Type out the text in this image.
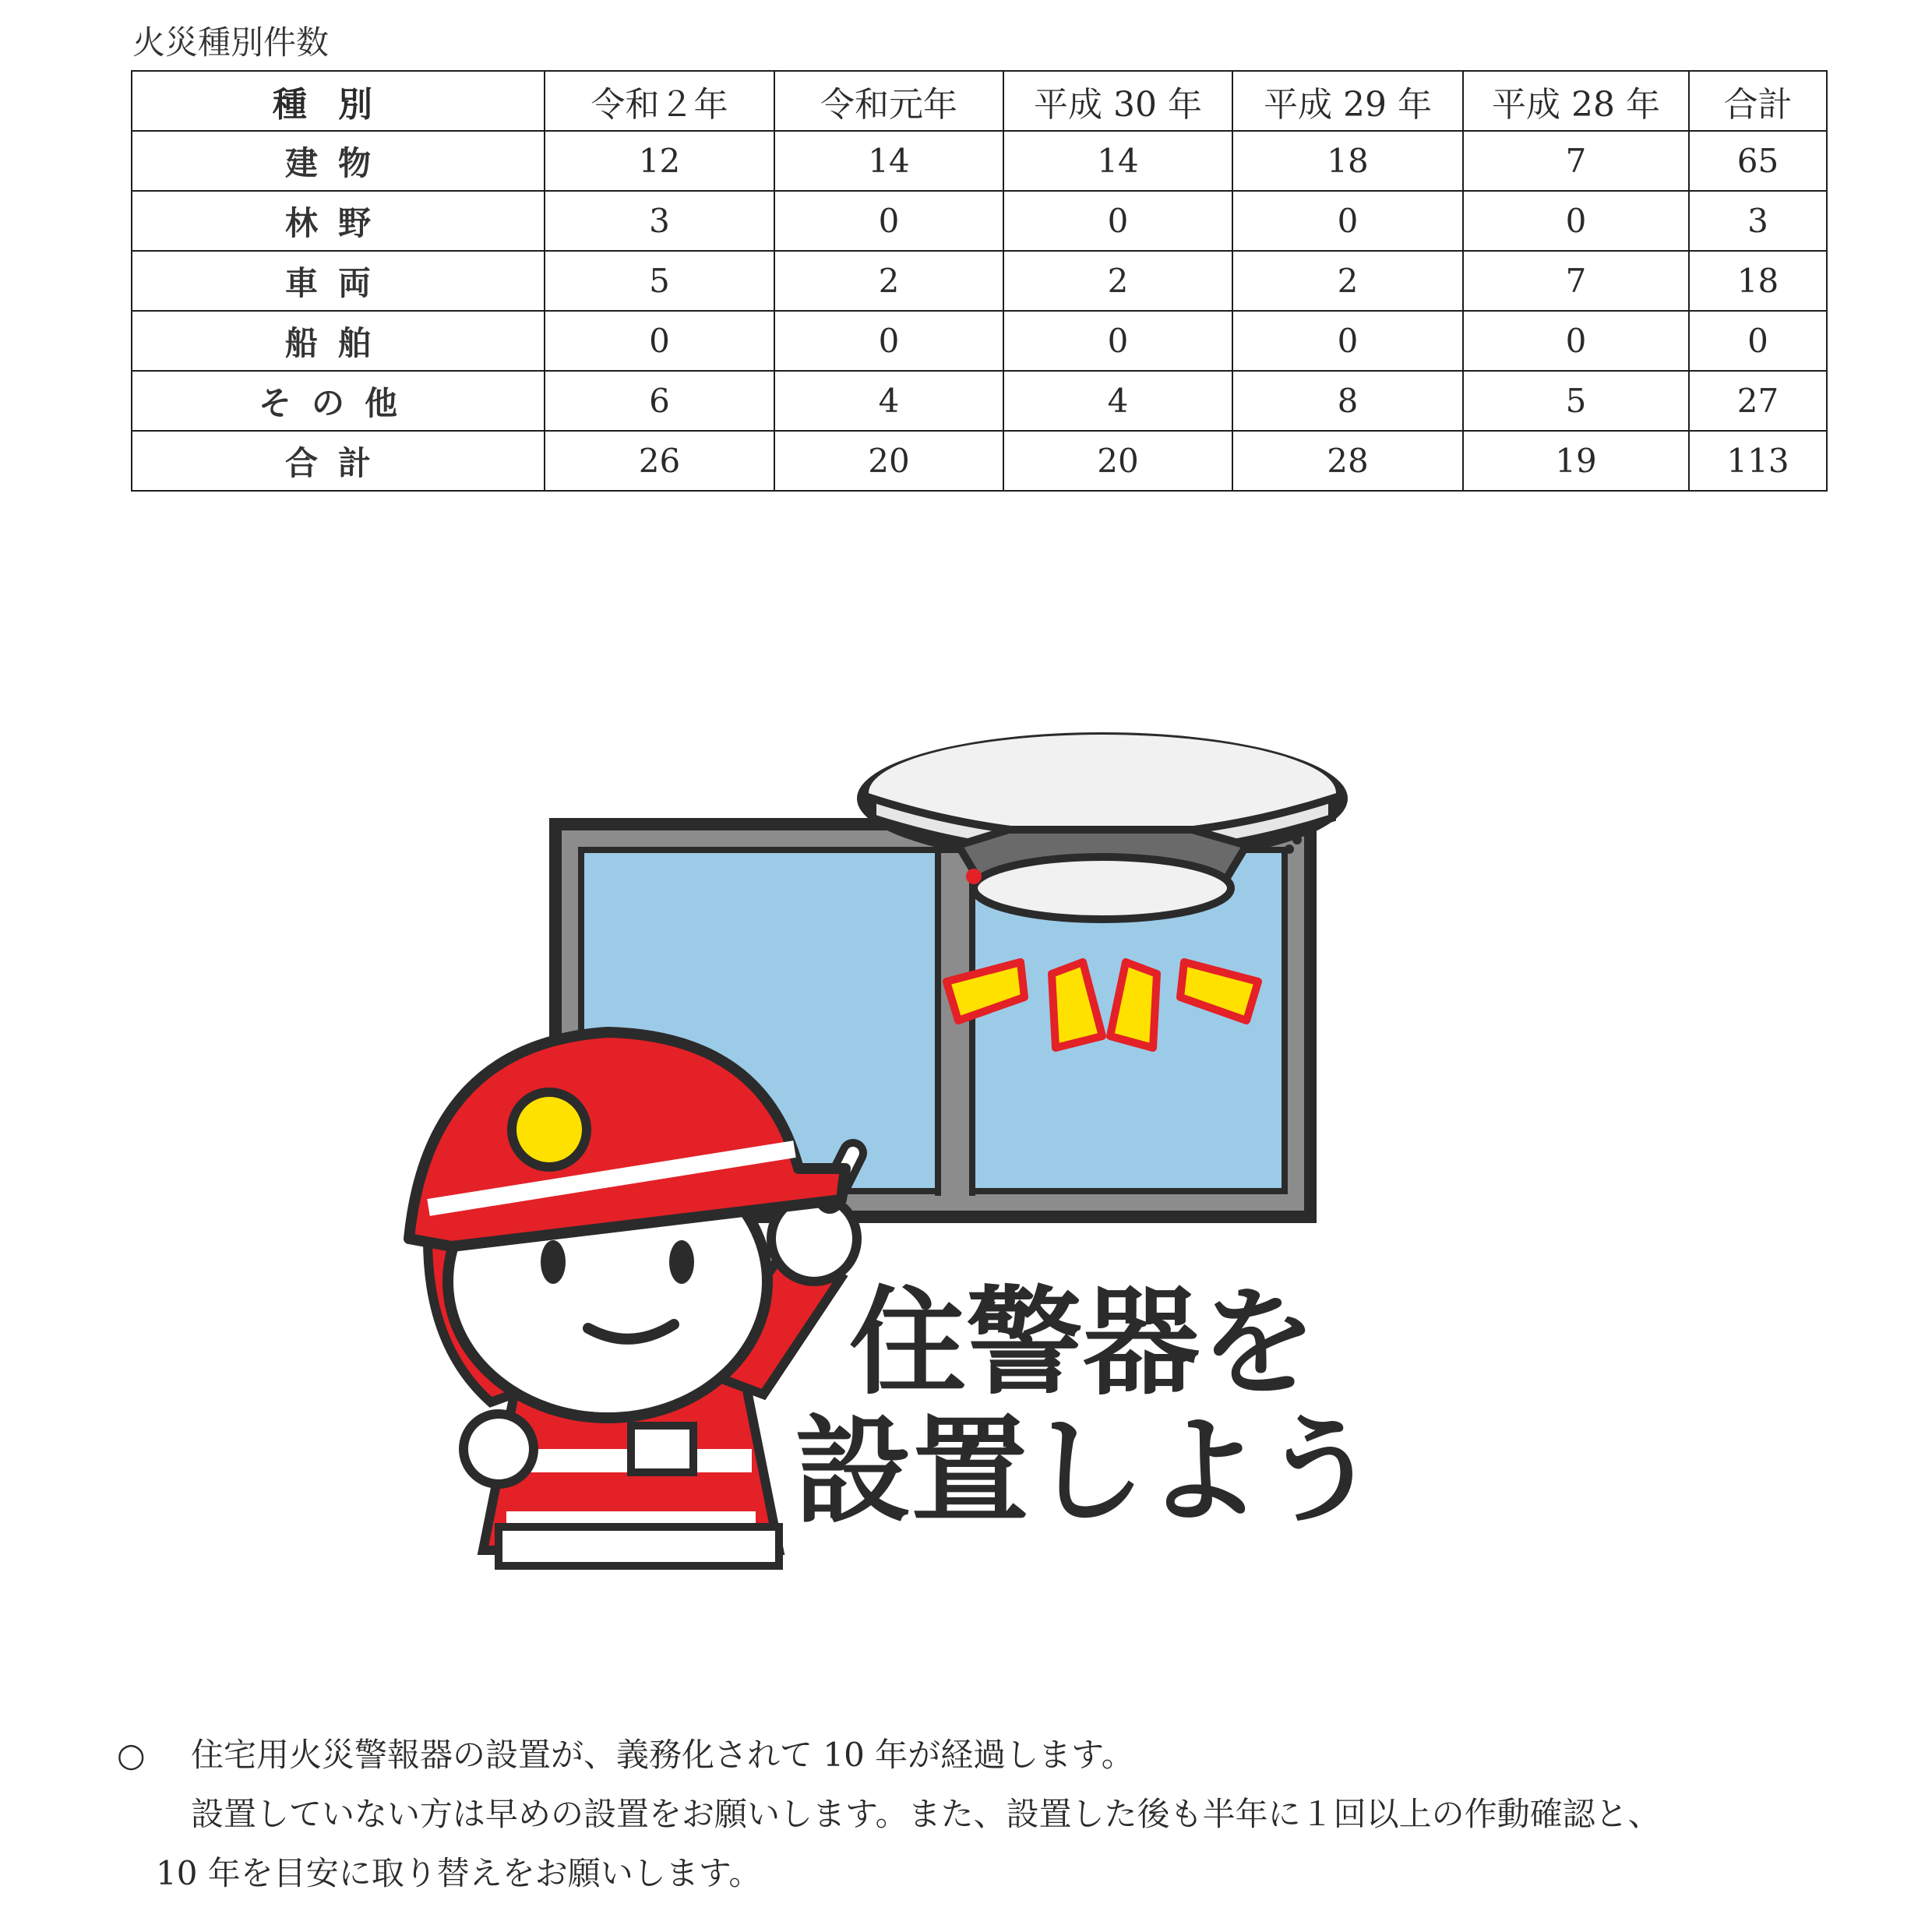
火災種別件数
種別	令和２年	令和元年	平成 30 年	平成 29 年	平成 28 年	合計
建物	12	14	14	18	7	65
林野	3	0	0	0	0	3
車両	5	2	2	2	7	18
船舶	0	0	0	0	0	0
その他	6	4	4	8	5	27
合計	26	20	20	28	19	113
住警器を
設置しよう
○ 住宅用火災警報器の設置が、義務化されて 10 年が経過します。
設置していない方は早めの設置をお願いします。また、設置した後も半年に１回以上の作動確認と、
10 年を目安に取り替えをお願いします。
